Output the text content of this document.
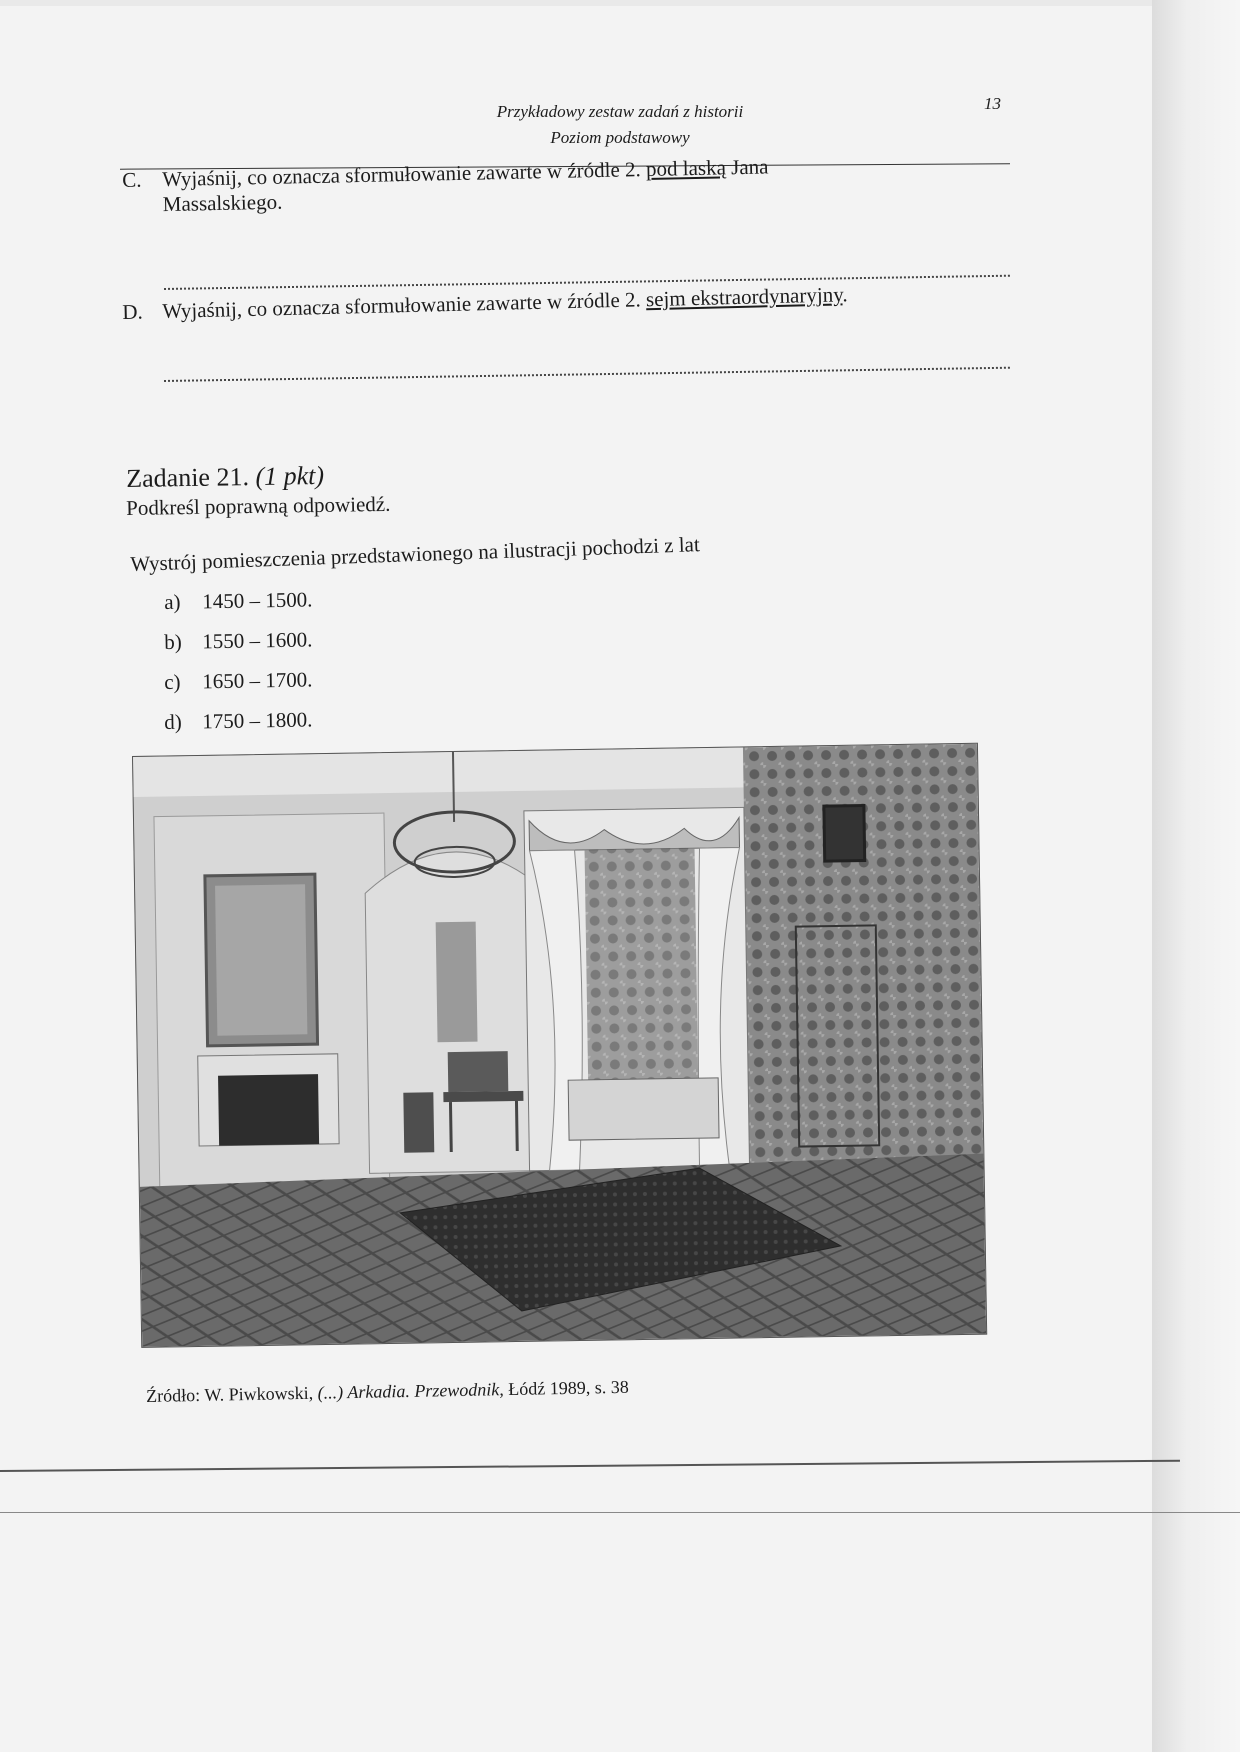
Przykładowy zestaw zadań z historii
Poziom podstawowy
13
C. Wyjaśnij, co oznacza sformułowanie zawarte w źródle 2. pod laską Jana
Massalskiego.
D. Wyjaśnij, co oznacza sformułowanie zawarte w źródle 2. sejm ekstraordynaryjny.
Zadanie 21. (1 pkt)
Podkreśl poprawną odpowiedź.
Wystrój pomieszczenia przedstawionego na ilustracji pochodzi z lat
a) 1450 – 1500.
b) 1550 – 1600.
c) 1650 – 1700.
d) 1750 – 1800.
Źródło: W. Piwkowski, (...) Arkadia. Przewodnik, Łódź 1989, s. 38
